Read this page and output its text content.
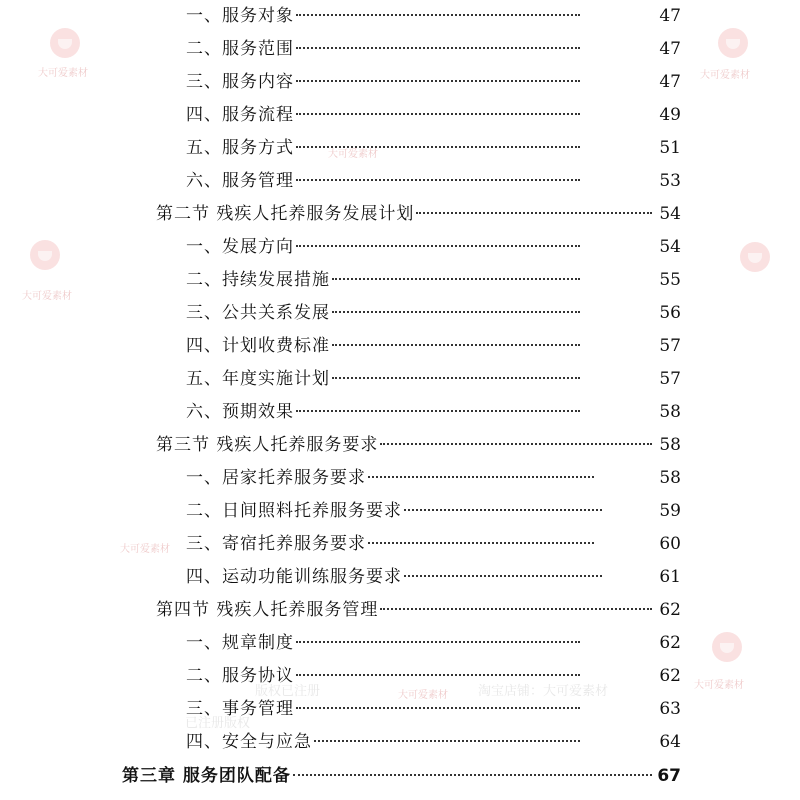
大可爱素材	大可爱素材
大可爱素材
大可爱素材
大可爱素材
大可爱素材
版权已注册	大可爱素材 淘宝店铺：大可爱素材
已注册版权
一、服务对象	47
二、服务范围	47
三、服务内容	47
四、服务流程	49
五、服务方式	51
六、服务管理	53
第二节 残疾人托养服务发展计划	54
一、发展方向	54
二、持续发展措施	55
三、公共关系发展	56
四、计划收费标准	57
五、年度实施计划	57
六、预期效果	58
第三节 残疾人托养服务要求	58
一、居家托养服务要求	58
二、日间照料托养服务要求	59
三、寄宿托养服务要求	60
四、运动功能训练服务要求	61
第四节 残疾人托养服务管理	62
一、规章制度	62
二、服务协议	62
三、事务管理	63
四、安全与应急	64
第三章 服务团队配备	67
